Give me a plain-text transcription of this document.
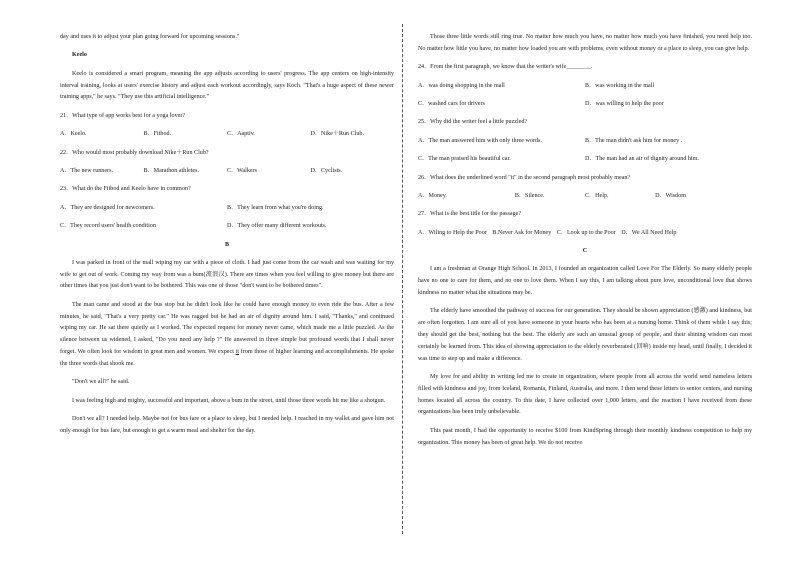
day and uses it to adjust your plan going forward for upcoming sessions."

Keelo

Keelo is considered a smart program, meaning the app adjusts according to users' progress. The app centers on high-intensity interval training, looks at users' exercise history and adjust each workout accordingly, says Koch. "That's a huge aspect of these newer training apps," he says. "They use this artificial intelligence."

21．What type of app works best for a yoga lover?

A．Keelo.	B．Fitbod.	C．Aaptiv.	D．Nike＋Run Club.

22．Who would most probably download Nike＋Run Club?

A．The new runners.	B．Marathon athletes.	C．Walkers	D．Cyclists.

23．What do the Fitbod and Keelo have in common?

A．They are designed for newcomers.	B．They learn from what you're doing.
C．They record users' health condition	D．They offer many different workouts.
B

I was parked in front of the mall wiping my car with a piece of cloth. I had just come from the car wash and was waiting for my wife to get out of work. Coming my way from was a bum(流浪汉). There are times when you feel willing to give money but there are other times that you just don't want to be bothered. This was one of those "don't want to be bothered times".

The man came and stood at the bus stop but he didn't look like he could have enough money to even ride the bus. After a few minutes, he said, "That's a very pretty car." He was ragged but he had an air of dignity around him. I said, "Thanks," and continued wiping my car. He sat there quietly as I worked. The expected request for money never came, which made me a little puzzled. As the silence between us widened, I asked, "Do you need any help ?" He answered in three simple but profound words that I shall never forget. We often look for wisdom in great men and women. We expect it from those of higher learning and accomplishments. He spoke the three words that shook me.

"Don't we all?" he said.

I was feeling high and mighty, successful and important, above a bum in the street, until those three words hit me like a shotgun.

Don't we all? I needed help. Maybe not for bus fare or a place to sleep, but I needed help. I reached in my wallet and gave him not only enough for bus fare, but enough to get a warm meal and shelter for the day.

Those three little words still ring true. No matter how much you have, no matter how much you have finished, you need help too. No matter how little you have, no matter how loaded you are with problems, even without money or a place to sleep, you can give help.

24．From the first paragraph, we know that the writer's wife________.

A．was doing shopping in the mall	B．was working in the mall
C．washed cars for drivers	D．was willing to help the poor

25．Why did the writer feel a little puzzled?

A．The man answered him with only three words.	B．The man didn't ask him for money .
C．The man praised his beautiful car.	D．The man had an air of dignity around him.

26．What does the underlined word "it" in the second paragraph most probably mean?

A．Money.	B．Silence.	C．Help.	D．Wisdom

27．What is the best title for the passage?

A．Wiling to Help the Poor B.Never Ask for Money C．Look up to the Poor D．We All Need Help
C

I am a freshman at Orange High School. In 2013, I founded an organization called Love For The Elderly. So many elderly people have no one to care for them, and no one to love them. When I say this, I am talking about pure love, unconditional love that shows kindness no matter what the situations may be.

The elderly have smoothed the pathway of success for our generation. They should be shown appreciation (感激) and kindness, but are often forgotten. I am sure all of you have someone in your hearts who has been at a nursing home. Think of them while I say this; they should get the best, nothing but the best. The elderly are such an unusual group of people, and their shining wisdom can most certainly be learned from. This idea of showing appreciation to the elderly reverberated (回响) inside my head, until finally, I decided it was time to step up and make a difference.

My love for and ability in writing led me to create in organization, where people from all across the world send nameless letters filled with kindness and joy, from Iceland, Romania, Finland, Australia, and more. I then send these letters to senior centers, and nursing homes located all across the country. To this date, I have collected over 1,000 letters, and the reaction I have received from these organizations has been truly unbelievable.

This past month, I had the opportunity to receive $100 from KindSpring through their monthly kindness competition to help my organization. This money has been of great help. We do not receive
